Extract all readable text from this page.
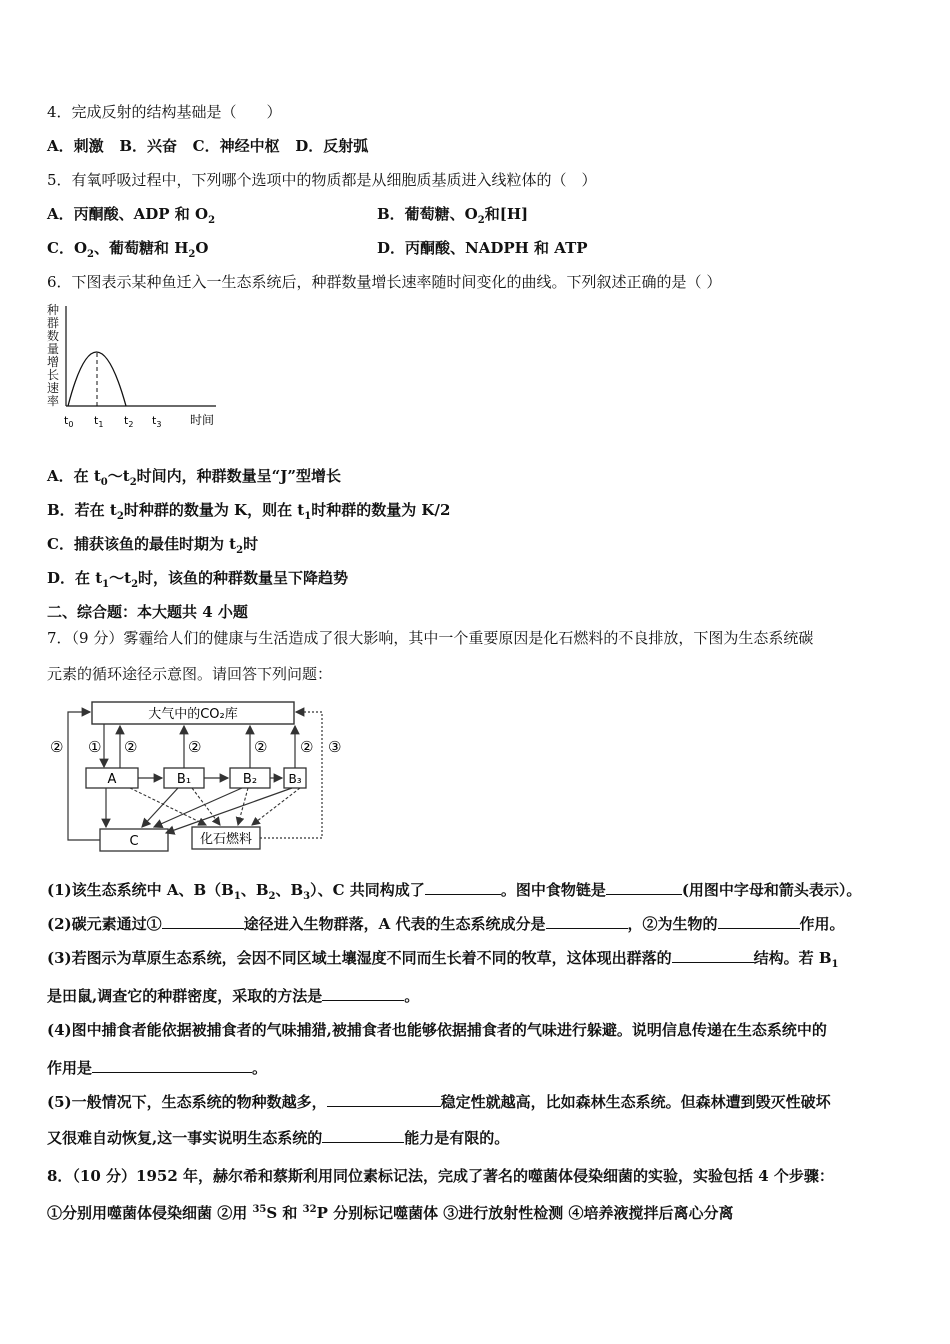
4．完成反射的结构基础是（　　）
A．刺激 B．兴奋 C．神经中枢 D．反射弧
5．有氧呼吸过程中，下列哪个选项中的物质都是从细胞质基质进入线粒体的（　）
A．丙酮酸、ADP 和 $O_2$	B．葡萄糖、$O_2$和[H]
C．$O_2$、葡萄糖和 $H_2O$	D．丙酮酸、NADPH 和 ATP
6．下图表示某种鱼迁入一生态系统后，种群数量增长速率随时间变化的曲线。下列叙述正确的是（ ）
种
群
数
量
增
长
速
率
$t_0$ $t_1$ $t_2$ $t_3$ 时间
A．在 $t_0\sim t_2$时间内，种群数量呈“J”型增长
B．若在 $t_2$时种群的数量为 K，则在 $t_1$时种群的数量为 K/2
C．捕获该鱼的最佳时期为 $t_2$时
D．在 $t_1\sim t_2$时，该鱼的种群数量呈下降趋势
二、综合题：本大题共 4 小题
7．（9 分）雾霾给人们的健康与生活造成了很大影响，其中一个重要原因是化石燃料的不良排放，下图为生态系统碳
元素的循环途径示意图。请回答下列问题：
大气中的CO₂库
A	B₁	B₂	B₃
C	化石燃料
② ① ②	②	② ② ③
(1)该生态系统中 A、$B(B_1$、$B_2$、$B_3$）、C 共同构成了	。图中食物链是	(用图中字母和箭头表示）。
(2)碳元素通过①	途径进入生物群落，A 代表的生态系统成分是	，②为生物的	作用。
(3)若图示为草原生态系统，会因不同区域土壤湿度不同而生长着不同的牧草，这体现出群落的	结构。若 $B_1$
是田鼠,调查它的种群密度，采取的方法是	。
(4)图中捕食者能依据被捕食者的气味捕猎,被捕食者也能够依据捕食者的气味进行躲避。说明信息传递在生态系统中的
作用是	。
(5)一般情况下，生态系统的物种数越多，	稳定性就越高，比如森林生态系统。但森林遭到毁灭性破坏
又很难自动恢复,这一事实说明生态系统的	能力是有限的。
8．（10 分）1952 年，赫尔希和蔡斯利用同位素标记法，完成了著名的噬菌体侵染细菌的实验，实验包括 4 个步骤：
①分别用噬菌体侵染细菌 ②用 $^{35}$S 和 $^{32}$P 分别标记噬菌体 ③进行放射性检测 ④培养液搅拌后离心分离
